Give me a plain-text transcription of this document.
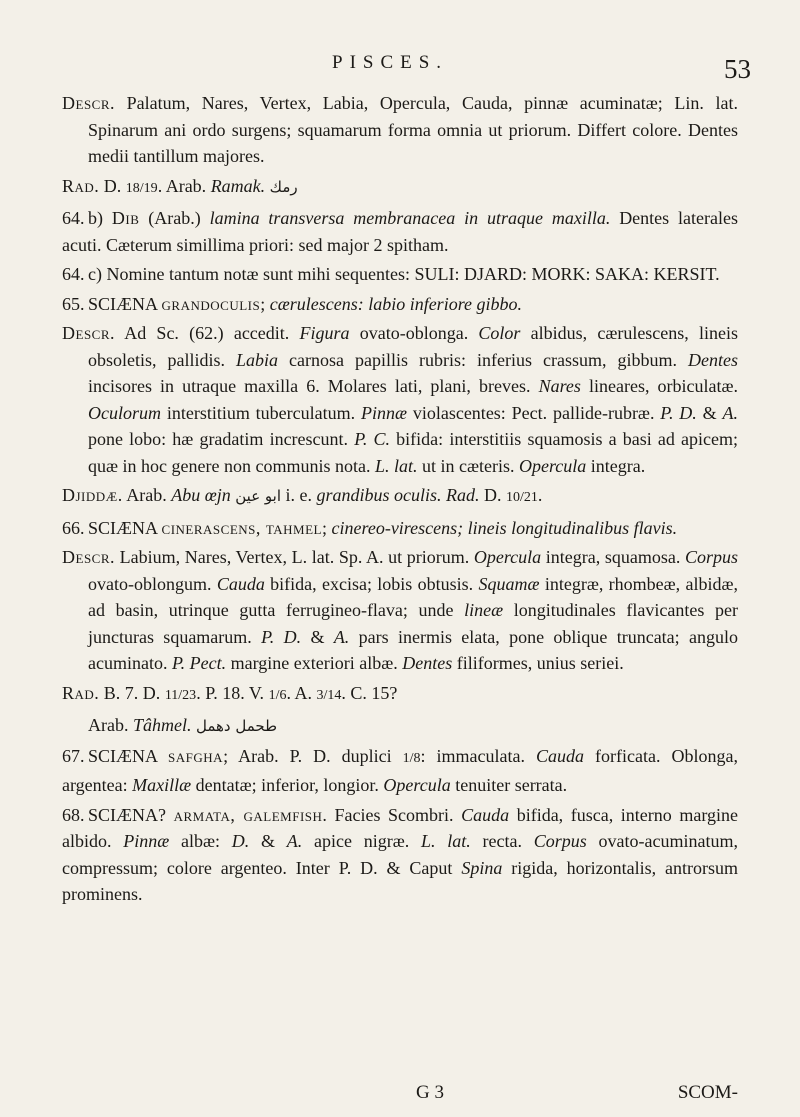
PISCES.	53

Descr. Palatum, Nares, Vertex, Labia, Opercula, Cauda, pinnæ acuminatæ; Lin. lat. Spinarum ani ordo surgens; squamarum forma omnia ut priorum. Differt colore. Dentes medii tantillum majores.

Rad. D. 18/19. Arab. Ramak. رمك

64. b) Dib (Arab.) lamina transversa membranacea in utraque maxilla. Dentes laterales acuti. Cæterum simillima priori: sed major 2 spitham.

64. c) Nomine tantum notæ sunt mihi sequentes: SULI: DJARD: MORK: SAKA: KERSIT.

65. SCIÆNA grandoculis; cærulescens: labio inferiore gibbo.

Descr. Ad Sc. (62.) accedit. Figura ovato-oblonga. Color albidus, cærulescens, lineis obsoletis, pallidis. Labia carnosa papillis rubris: inferius crassum, gibbum. Dentes incisores in utraque maxilla 6. Molares lati, plani, breves. Nares lineares, orbiculatæ. Oculorum interstitium tuberculatum. Pinnæ violascentes: Pect. pallide-rubræ. P. D. & A. pone lobo: hæ gradatim increscunt. P. C. bifida: interstitiis squamosis a basi ad apicem; quæ in hoc genere non communis nota. L. lat. ut in cæteris. Opercula integra.

Djiddæ. Arab. Abu œjn ابو عين i. e. grandibus oculis. Rad. D. 10/21.

66. SCIÆNA cinerascens, tahmel; cinereo-virescens; lineis longitudinalibus flavis.

Descr. Labium, Nares, Vertex, L. lat. Sp. A. ut priorum. Opercula integra, squamosa. Corpus ovato-oblongum. Cauda bifida, excisa; lobis obtusis. Squamæ integræ, rhombeæ, albidæ, ad basin, utrinque gutta ferrugineo-flava; unde lineæ longitudinales flavicantes per juncturas squamarum. P. D. & A. pars inermis elata, pone oblique truncata; angulo acuminato. P. Pect. margine exteriori albæ. Dentes filiformes, unius seriei.

Rad. B. 7. D. 11/23. P. 18. V. 1/6. A. 3/14. C. 15?

Arab. Tâhmel. طحمل دهمل

67. SCIÆNA safgha; Arab. P. D. duplici 1/8: immaculata. Cauda forficata. Oblonga, argentea: Maxillæ dentatæ; inferior, longior. Opercula tenuiter serrata.

68. SCIÆNA? armata, galemfish. Facies Scombri. Cauda bifida, fusca, interno margine albido. Pinnæ albæ: D. & A. apice nigræ. L. lat. recta. Corpus ovato-acuminatum, compressum; colore argenteo. Inter P. D. & Caput Spina rigida, horizontalis, antrorsum prominens.

G 3	SCOM-
